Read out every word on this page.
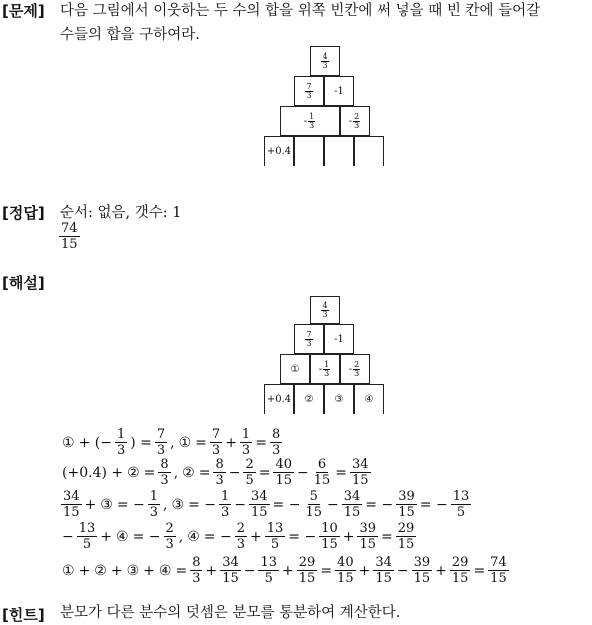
[문제] 다음 그림에서 이웃하는 두 수의 합을 위쪽 빈칸에 써 넣을 때 빈 칸에 들어갈
수들의 합을 구하여라.
$\frac{4}{3}$
$\frac{7}{3}$	-1
- $\frac{1}{3}$	- $\frac{2}{3}$
+0.4
[정답] 순서: 없음, 갯수: 1
$\frac{74}{15}$
[해설]
$\frac{4}{3}$
$\frac{7}{3}$	-1
①	- $\frac{1}{3} - \frac{2}{3}$
+0.4	②	③	④
① + (− $\frac{1}{3}$ ) = $\frac{7}{3}$ , ① = $\frac{7}{3} + \frac{1}{3} = \frac{8}{3}$
(+0.4) + ② = $\frac{8}{3}$ , ② = $\frac{8}{3} - \frac{2}{5} = \frac{40}{15} - \frac{6}{15} = \frac{34}{15}$
$\frac{34}{15}$ + ③ = − $\frac{1}{3}$ , ③ = − $\frac{1}{3} - \frac{34}{15}$ = − $\frac{5}{15} - \frac{34}{15}$ = − $\frac{39}{15}$ = − $\frac{13}{5}$
− $\frac{13}{5}$ + ④ = − $\frac{2}{3}$ , ④ = − $\frac{2}{3} + \frac{13}{5}$ = − $\frac{10}{15} + \frac{39}{15} = \frac{29}{15}$
① + ② + ③ + ④ = $\frac{8}{3} + \frac{34}{15} - \frac{13}{5} + \frac{29}{15} = \frac{40}{15} + \frac{34}{15} - \frac{39}{15} + \frac{29}{15} = \frac{74}{15}$
[힌트] 분모가 다른 분수의 덧셈은 분모를 통분하여 계산한다.
